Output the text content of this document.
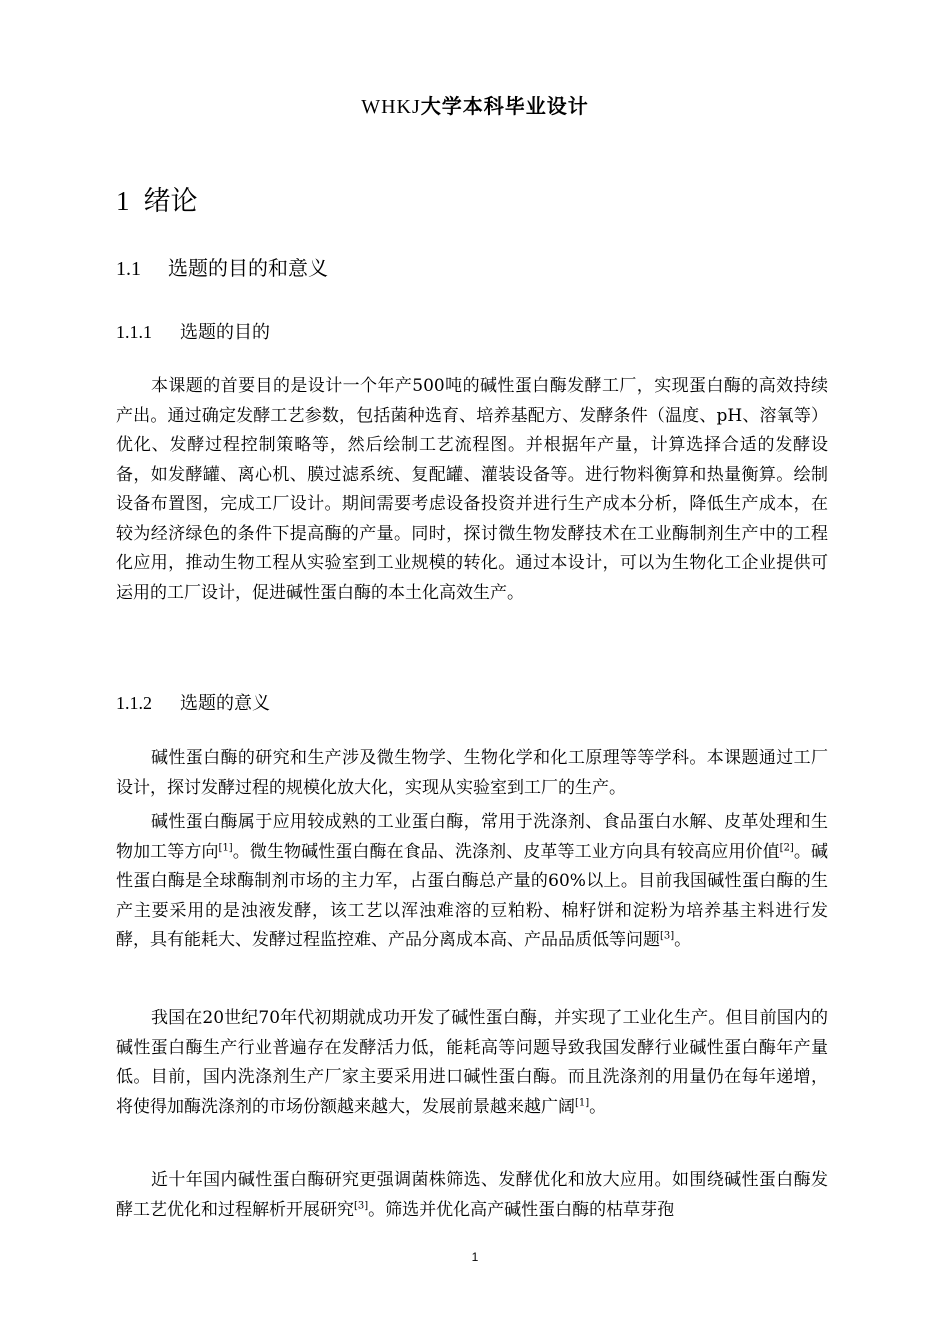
WHKJ大学本科毕业设计
1 绪论
1.1 选题的目的和意义
1.1.1 选题的目的

本课题的首要目的是设计一个年产500吨的碱性蛋白酶发酵工厂，实现蛋白酶的高效持续产出。通过确定发酵工艺参数，包括菌种选育、培养基配方、发酵条件（温度、pH、溶氧等）优化、发酵过程控制策略等，然后绘制工艺流程图。并根据年产量，计算选择合适的发酵设备，如发酵罐、离心机、膜过滤系统、复配罐、灌装设备等。进行物料衡算和热量衡算。绘制设备布置图，完成工厂设计。期间需要考虑设备投资并进行生产成本分析，降低生产成本，在较为经济绿色的条件下提高酶的产量。同时，探讨微生物发酵技术在工业酶制剂生产中的工程化应用，推动生物工程从实验室到工业规模的转化。通过本设计，可以为生物化工企业提供可运用的工厂设计，促进碱性蛋白酶的本土化高效生产。

1.1.2 选题的意义

碱性蛋白酶的研究和生产涉及微生物学、生物化学和化工原理等等学科。本课题通过工厂设计，探讨发酵过程的规模化放大化，实现从实验室到工厂的生产。

碱性蛋白酶属于应用较成熟的工业蛋白酶，常用于洗涤剂、食品蛋白水解、皮革处理和生物加工等方向[1]。微生物碱性蛋白酶在食品、洗涤剂、皮革等工业方向具有较高应用价值[2]。碱性蛋白酶是全球酶制剂市场的主力军，占蛋白酶总产量的60%以上。目前我国碱性蛋白酶的生产主要采用的是浊液发酵，该工艺以浑浊难溶的豆粕粉、棉籽饼和淀粉为培养基主料进行发酵，具有能耗大、发酵过程监控难、产品分离成本高、产品品质低等问题[3]。

我国在20世纪70年代初期就成功开发了碱性蛋白酶，并实现了工业化生产。但目前国内的碱性蛋白酶生产行业普遍存在发酵活力低，能耗高等问题导致我国发酵行业碱性蛋白酶年产量低。目前，国内洗涤剂生产厂家主要采用进口碱性蛋白酶。而且洗涤剂的用量仍在每年递增，将使得加酶洗涤剂的市场份额越来越大，发展前景越来越广阔[1]。

近十年国内碱性蛋白酶研究更强调菌株筛选、发酵优化和放大应用。如围绕碱性蛋白酶发酵工艺优化和过程解析开展研究[3]。筛选并优化高产碱性蛋白酶的枯草芽孢

1
